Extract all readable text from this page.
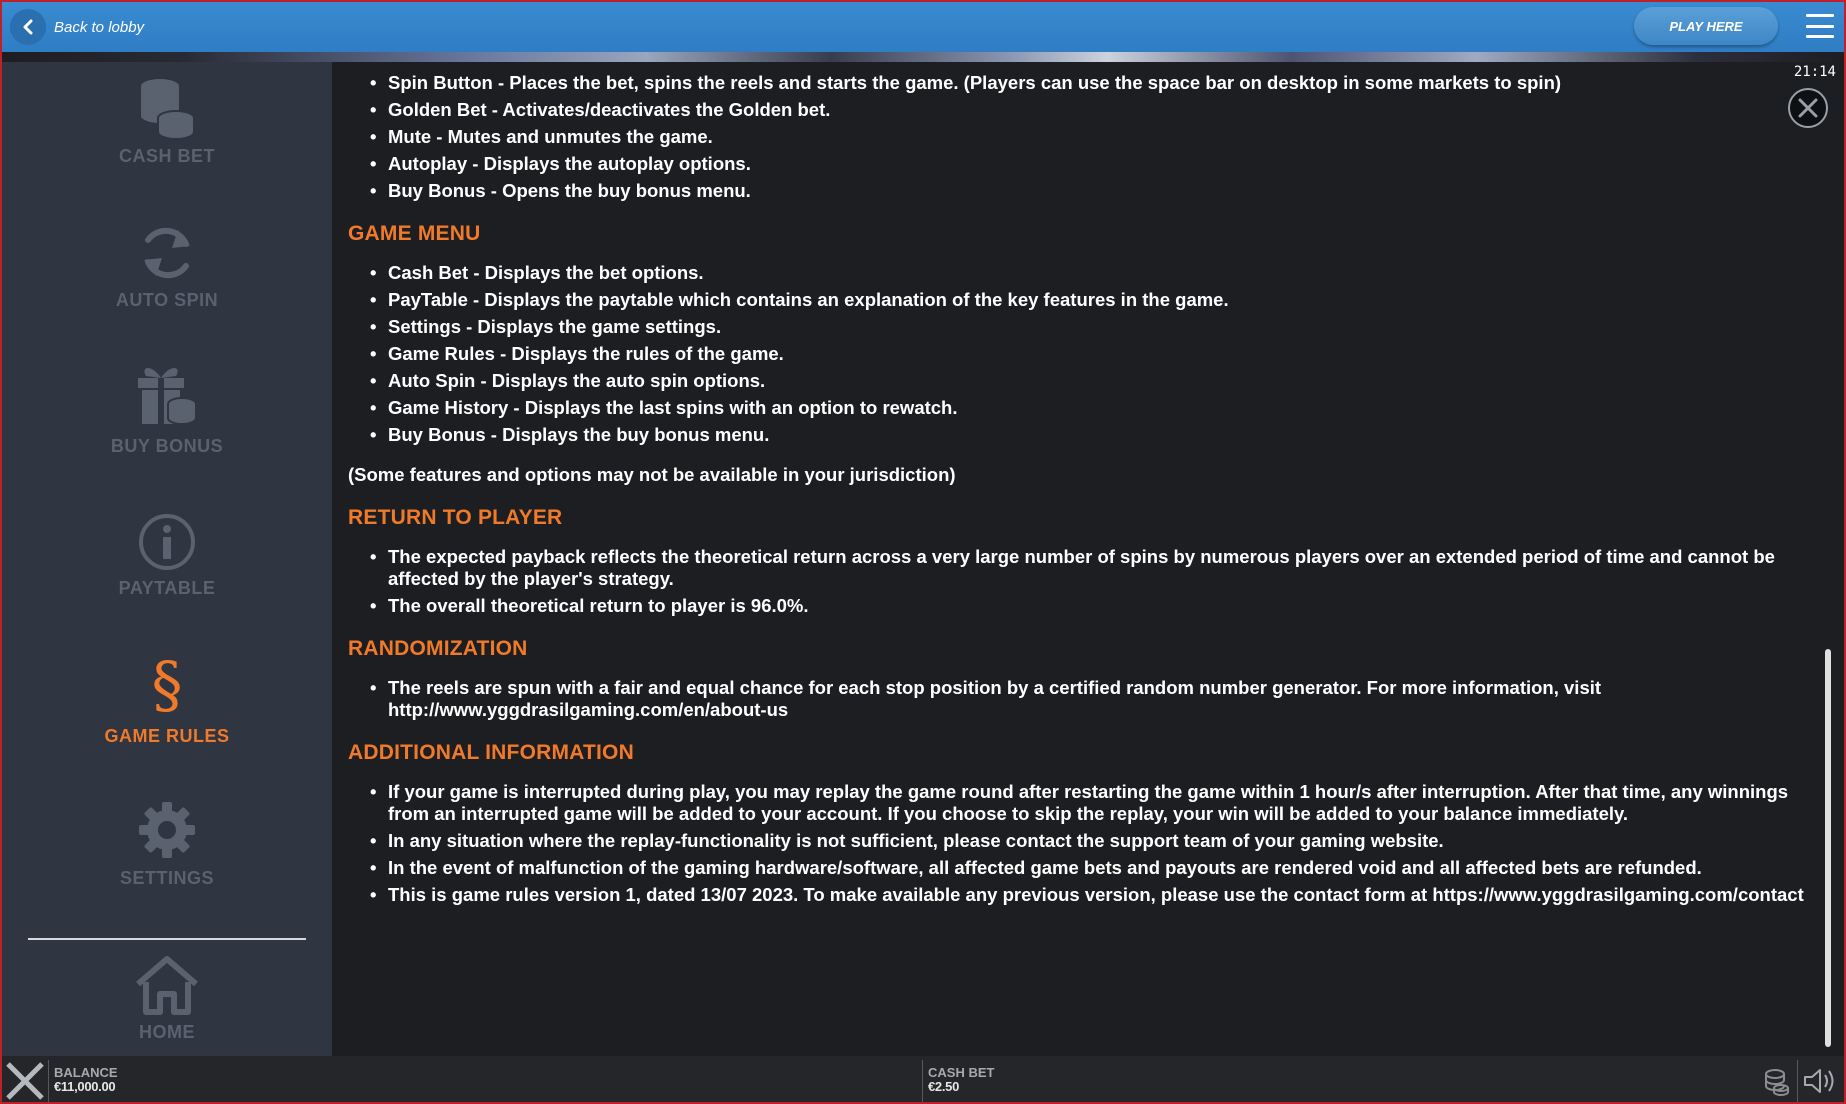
Back to lobby	PLAY HERE
CASH BET
AUTO SPIN
BUY BONUS
PAYTABLE
§
GAME RULES
SETTINGS
HOME
• Spin Button - Places the bet, spins the reels and starts the game. (Players can use the space bar on desktop in some markets to spin)
• Golden Bet - Activates/deactivates the Golden bet.
• Mute - Mutes and unmutes the game.
• Autoplay - Displays the autoplay options.
• Buy Bonus - Opens the buy bonus menu.
GAME MENU
• Cash Bet - Displays the bet options.
• PayTable - Displays the paytable which contains an explanation of the key features in the game.
• Settings - Displays the game settings.
• Game Rules - Displays the rules of the game.
• Auto Spin - Displays the auto spin options.
• Game History - Displays the last spins with an option to rewatch.
• Buy Bonus - Displays the buy bonus menu.
(Some features and options may not be available in your jurisdiction)
RETURN TO PLAYER
• The expected payback reflects the theoretical return across a very large number of spins by numerous players over an extended period of time and cannot be affected by the player's strategy.
• The overall theoretical return to player is 96.0%.
RANDOMIZATION
• The reels are spun with a fair and equal chance for each stop position by a certified random number generator. For more information, visit http://www.yggdrasilgaming.com/en/about-us
ADDITIONAL INFORMATION
• If your game is interrupted during play, you may replay the game round after restarting the game within 1 hour/s after interruption. After that time, any winnings from an interrupted game will be added to your account. If you choose to skip the replay, your win will be added to your balance immediately.
• In any situation where the replay-functionality is not sufficient, please contact the support team of your gaming website.
• In the event of malfunction of the gaming hardware/software, all affected game bets and payouts are rendered void and all affected bets are refunded.
• This is game rules version 1, dated 13/07 2023. To make available any previous version, please use the contact form at https://www.yggdrasilgaming.com/contact
21:14
BALANCE
€11,000.00
CASH BET
€2.50
